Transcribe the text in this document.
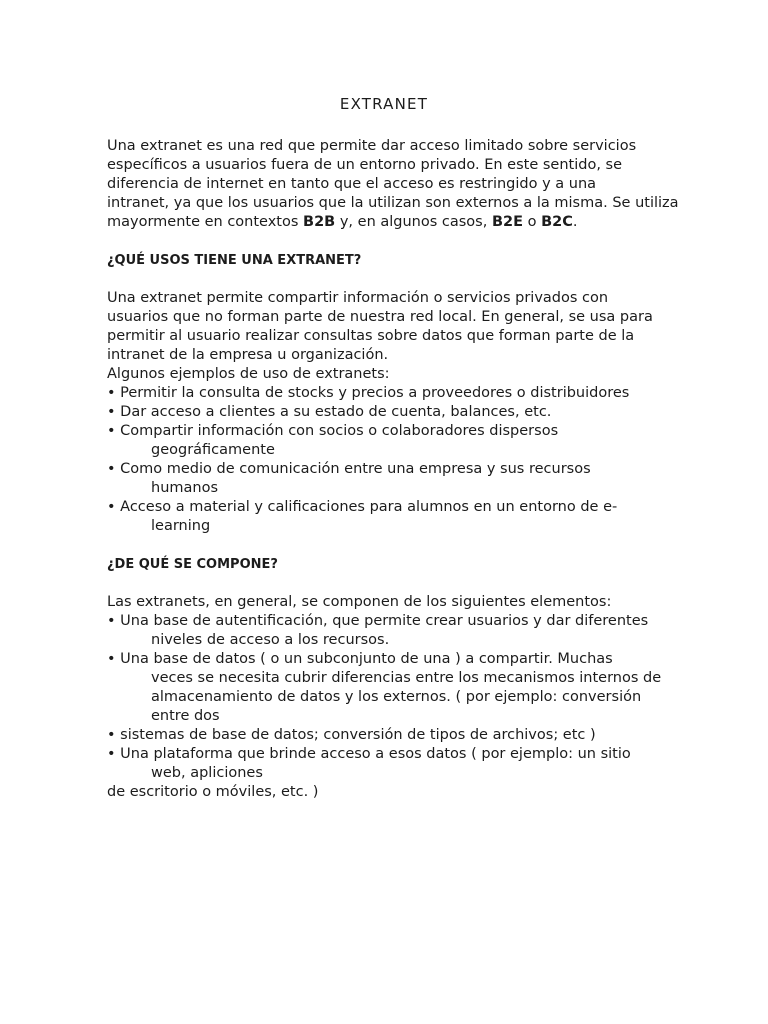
EXTRANET
Una extranet es una red que permite dar acceso limitado sobre servicios
específicos a usuarios fuera de un entorno privado. En este sentido, se
diferencia de internet en tanto que el acceso es restringido y a una
intranet, ya que los usuarios que la utilizan son externos a la misma. Se utiliza
mayormente en contextos B2B y, en algunos casos, B2E o B2C.
¿QUÉ USOS TIENE UNA EXTRANET?
Una extranet permite compartir información o servicios privados con
usuarios que no forman parte de nuestra red local. En general, se usa para
permitir al usuario realizar consultas sobre datos que forman parte de la
intranet de la empresa u organización.
Algunos ejemplos de uso de extranets:
• Permitir la consulta de stocks y precios a proveedores o distribuidores
• Dar acceso a clientes a su estado de cuenta, balances, etc.
• Compartir información con socios o colaboradores dispersos
geográficamente
• Como medio de comunicación entre una empresa y sus recursos
humanos
• Acceso a material y calificaciones para alumnos en un entorno de e-
learning
¿DE QUÉ SE COMPONE?
Las extranets, en general, se componen de los siguientes elementos:
• Una base de autentificación, que permite crear usuarios y dar diferentes
niveles de acceso a los recursos.
• Una base de datos ( o un subconjunto de una ) a compartir. Muchas
veces se necesita cubrir diferencias entre los mecanismos internos de
almacenamiento de datos y los externos. ( por ejemplo: conversión
entre dos
• sistemas de base de datos; conversión de tipos de archivos; etc )
• Una plataforma que brinde acceso a esos datos ( por ejemplo: un sitio
web, apliciones
de escritorio o móviles, etc. )
